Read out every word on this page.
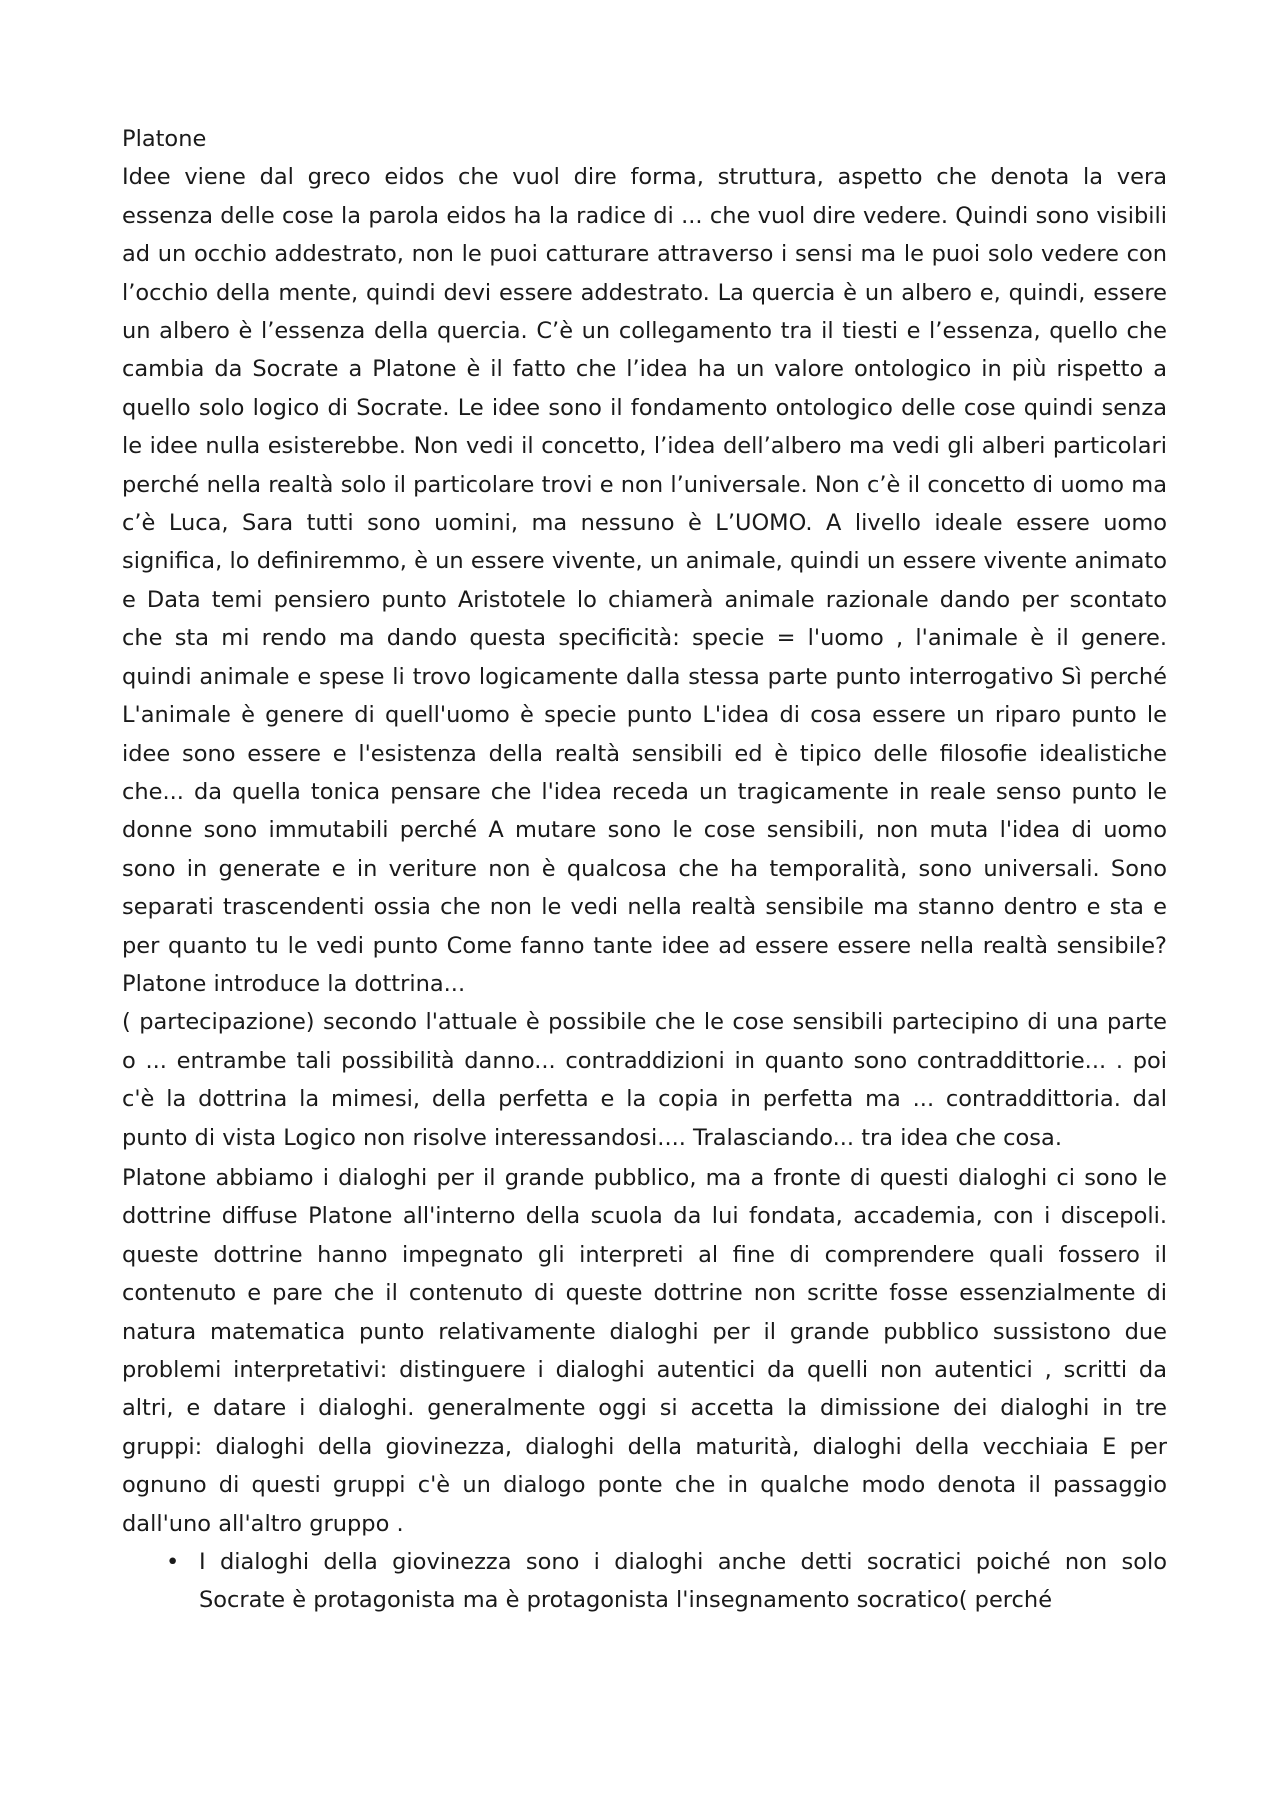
Platone

Idee viene dal greco eidos che vuol dire forma, struttura, aspetto che denota la vera essenza delle cose la parola eidos ha la radice di ... che vuol dire vedere. Quindi sono visibili ad un occhio addestrato, non le puoi catturare attraverso i sensi ma le puoi solo vedere con l’occhio della mente, quindi devi essere addestrato. La quercia è un albero e, quindi, essere un albero è l’essenza della quercia. C’è un collegamento tra il tiesti e l’essenza, quello che cambia da Socrate a Platone è il fatto che l’idea ha un valore ontologico in più rispetto a quello solo logico di Socrate. Le idee sono il fondamento ontologico delle cose quindi senza le idee nulla esisterebbe. Non vedi il concetto, l’idea dell’albero ma vedi gli alberi particolari perché nella realtà solo il particolare trovi e non l’universale. Non c’è il concetto di uomo ma c’è Luca, Sara tutti sono uomini, ma nessuno è L’UOMO. A livello ideale essere uomo significa, lo definiremmo, è un essere vivente, un animale, quindi un essere vivente animato e Data temi pensiero punto Aristotele lo chiamerà animale razionale dando per scontato che sta mi rendo ma dando questa specificità: specie = l'uomo , l'animale è il genere. quindi animale e spese li trovo logicamente dalla stessa parte punto interrogativo Sì perché L'animale è genere di quell'uomo è specie punto L'idea di cosa essere un riparo punto le idee sono essere e l'esistenza della realtà sensibili ed è tipico delle filosofie idealistiche che... da quella tonica pensare che l'idea receda un tragicamente in reale senso punto le donne sono immutabili perché A mutare sono le cose sensibili, non muta l'idea di uomo sono in generate e in veriture non è qualcosa che ha temporalità, sono universali. Sono separati trascendenti ossia che non le vedi nella realtà sensibile ma stanno dentro e sta e per quanto tu le vedi punto Come fanno tante idee ad essere essere nella realtà sensibile? Platone introduce la dottrina...

( partecipazione) secondo l'attuale è possibile che le cose sensibili partecipino di una parte o ... entrambe tali possibilità danno... contraddizioni in quanto sono contraddittorie... . poi c'è la dottrina la mimesi, della perfetta e la copia in perfetta ma ... contraddittoria. dal punto di vista Logico non risolve interessandosi.... Tralasciando... tra idea che cosa.

Platone abbiamo i dialoghi per il grande pubblico, ma a fronte di questi dialoghi ci sono le dottrine diffuse Platone all'interno della scuola da lui fondata, accademia, con i discepoli. queste dottrine hanno impegnato gli interpreti al fine di comprendere quali fossero il contenuto e pare che il contenuto di queste dottrine non scritte fosse essenzialmente di natura matematica punto relativamente dialoghi per il grande pubblico sussistono due problemi interpretativi: distinguere i dialoghi autentici da quelli non autentici , scritti da altri, e datare i dialoghi. generalmente oggi si accetta la dimissione dei dialoghi in tre gruppi: dialoghi della giovinezza, dialoghi della maturità, dialoghi della vecchiaia E per ognuno di questi gruppi c'è un dialogo ponte che in qualche modo denota il passaggio dall'uno all'altro gruppo .

• I dialoghi della giovinezza sono i dialoghi anche detti socratici poiché non solo Socrate è protagonista ma è protagonista l'insegnamento socratico( perché
